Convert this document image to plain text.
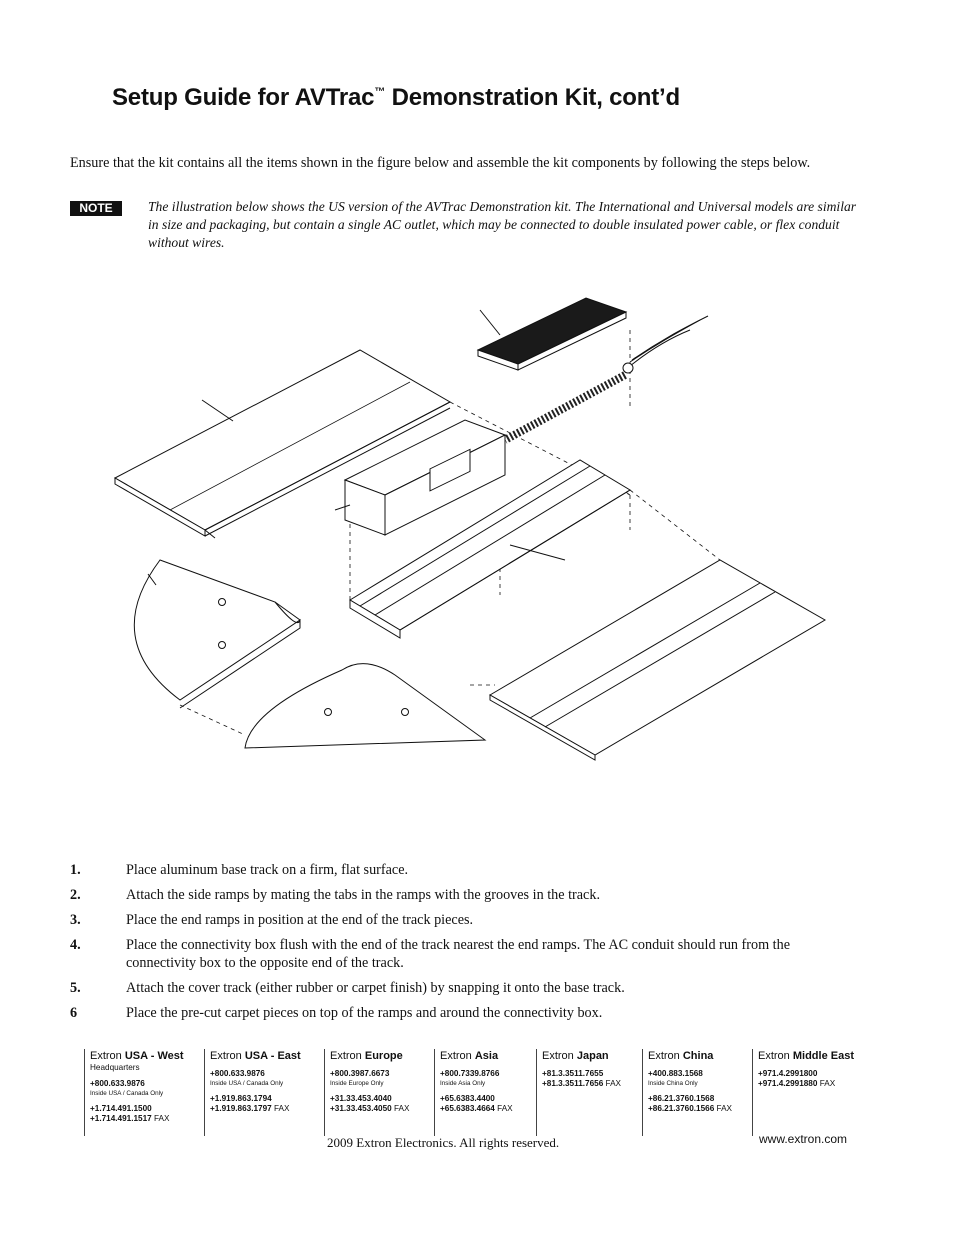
Setup Guide for AVTrac™ Demonstration Kit, cont’d

Ensure that the kit contains all the items shown in the figure below and assemble the kit components by following the steps below.

NOTE	The illustration below shows the US version of the AVTrac Demonstration kit. The International and Universal models are similar in size and packaging, but contain a single AC outlet, which may be connected to double insulated power cable, or flex conduit without wires.

1.	Place aluminum base track on a firm, flat surface.
2.	Attach the side ramps by mating the tabs in the ramps with the grooves in the track.
3.	Place the end ramps in position at the end of the track pieces.
4.	Place the connectivity box flush with the end of the track nearest the end ramps. The AC conduit should run from the connectivity box to the opposite end of the track.
5.	Attach the cover track (either rubber or carpet finish) by snapping it onto the base track.
6	Place the pre-cut carpet pieces on top of the ramps and around the connectivity box.
Extron USA - West
Headquarters
+800.633.9876
Inside USA / Canada Only
+1.714.491.1500
+1.714.491.1517 FAX
Extron USA - East
+800.633.9876
Inside USA / Canada Only
+1.919.863.1794
+1.919.863.1797 FAX
Extron Europe
+800.3987.6673
Inside Europe Only
+31.33.453.4040
+31.33.453.4050 FAX
Extron Asia
+800.7339.8766
Inside Asia Only
+65.6383.4400
+65.6383.4664 FAX
Extron Japan
+81.3.3511.7655
+81.3.3511.7656 FAX
Extron China
+400.883.1568
Inside China Only
+86.21.3760.1568
+86.21.3760.1566 FAX
Extron Middle East
+971.4.2991800
+971.4.2991880 FAX
2009 Extron Electronics. All rights reserved.	www.extron.com
